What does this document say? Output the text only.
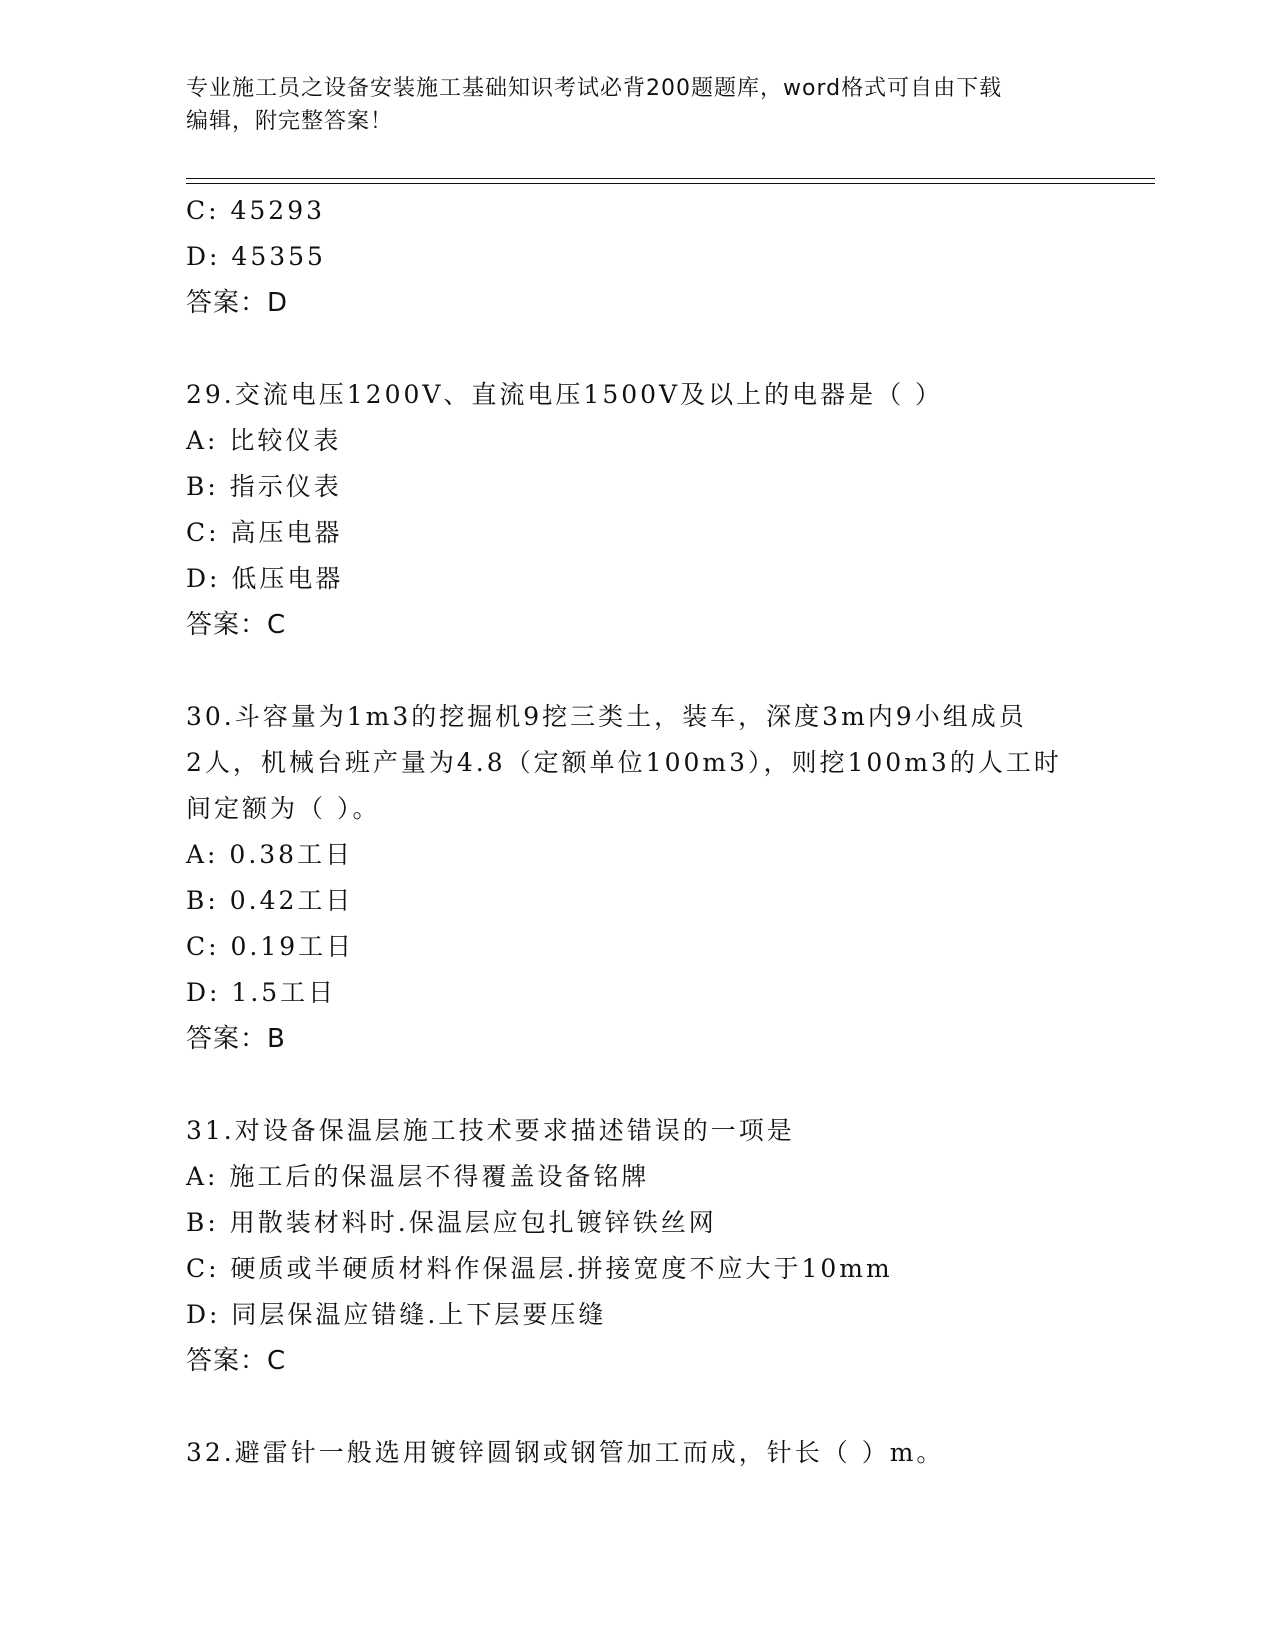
专业施工员之设备安装施工基础知识考试必背200题题库，word格式可自由下载
编辑，附完整答案！
C: 45293
D: 45355
答案：D
29.交流电压1200V、直流电压1500V及以上的电器是（ ）
A: 比较仪表
B: 指示仪表
C: 高压电器
D: 低压电器
答案：C
30.斗容量为1m3的挖掘机9挖三类土，装车，深度3m内9小组成员
2人，机械台班产量为4.8（定额单位100m3），则挖100m3的人工时
间定额为（ ）。
A: 0.38工日
B: 0.42工日
C: 0.19工日
D: 1.5工日
答案：B
31.对设备保温层施工技术要求描述错误的一项是
A: 施工后的保温层不得覆盖设备铭牌
B: 用散装材料时.保温层应包扎镀锌铁丝网
C: 硬质或半硬质材料作保温层.拼接宽度不应大于10mm
D: 同层保温应错缝.上下层要压缝
答案：C
32.避雷针一般选用镀锌圆钢或钢管加工而成，针长（ ）m。
